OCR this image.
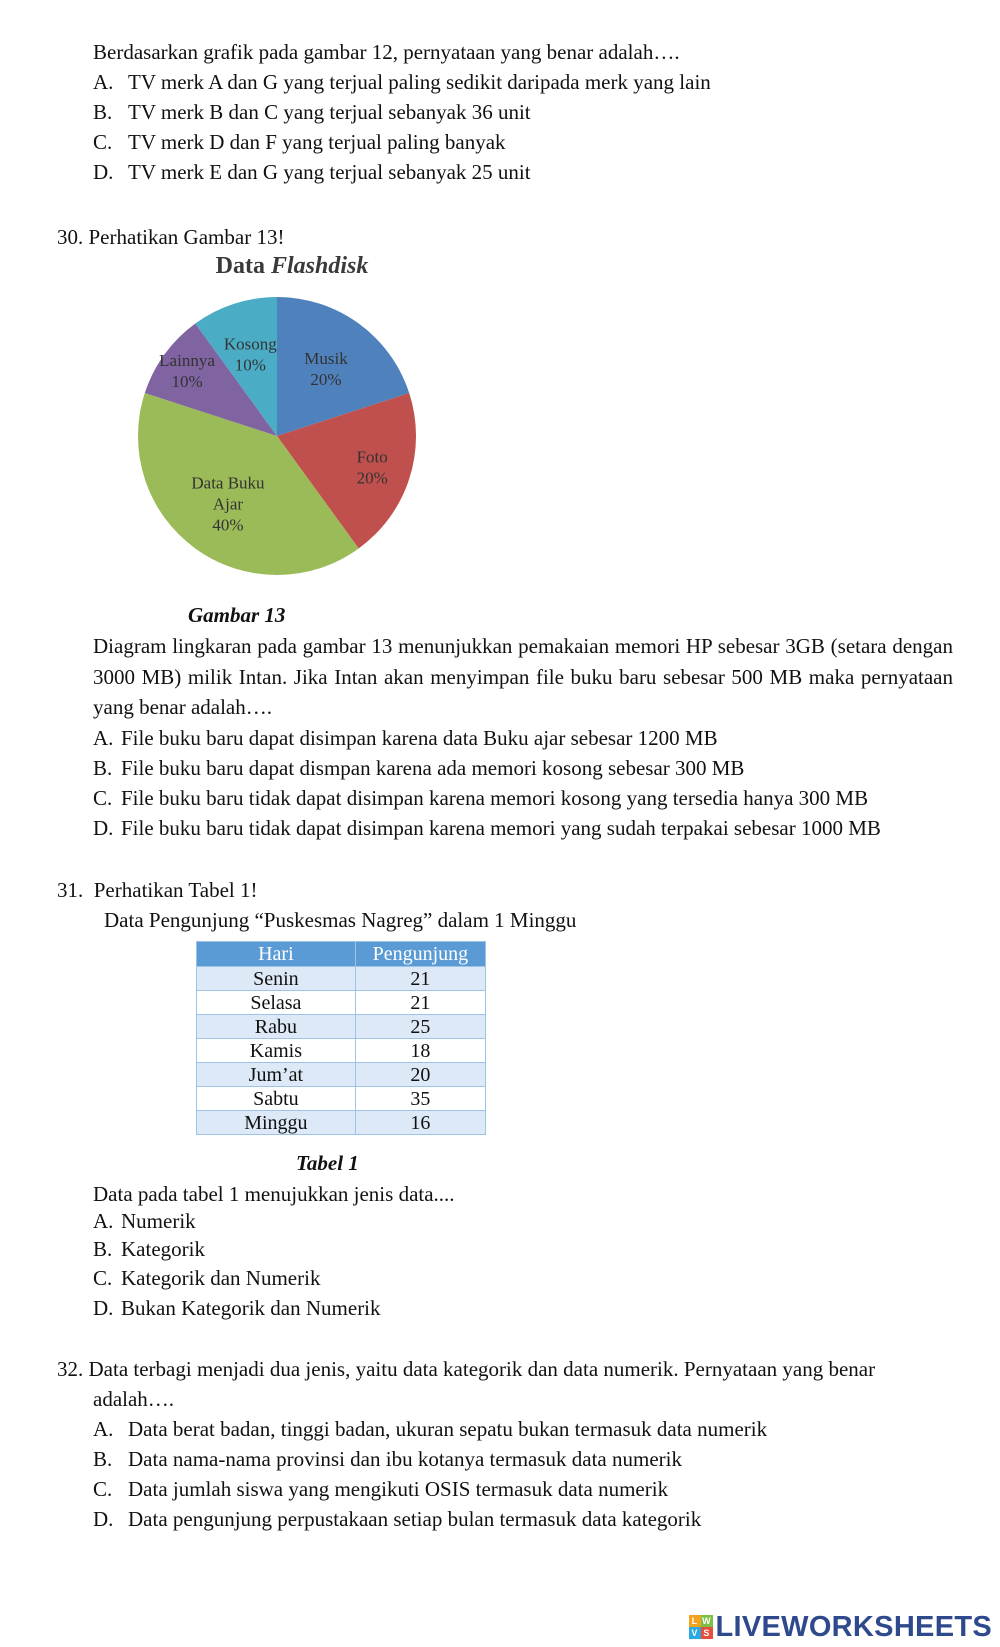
Berdasarkan grafik pada gambar 12, pernyataan yang benar adalah….
A. TV merk A dan G yang terjual paling sedikit daripada merk yang lain
B. TV merk B dan C yang terjual sebanyak 36 unit
C. TV merk D dan F yang terjual paling banyak
D. TV merk E dan G yang terjual sebanyak 25 unit
30. Perhatikan Gambar 13!
Data Flashdisk
Musik 20%
Foto 20%
Data Buku Ajar 40%
Lainnya 10%
Kosong 10%
Gambar 13
Diagram lingkaran pada gambar 13 menunjukkan pemakaian memori HP sebesar 3GB (setara dengan 3000 MB) milik Intan. Jika Intan akan menyimpan file buku baru sebesar 500 MB maka pernyataan yang benar adalah….
A. File buku baru dapat disimpan karena data Buku ajar sebesar 1200 MB
B. File buku baru dapat dismpan karena ada memori kosong sebesar 300 MB
C. File buku baru tidak dapat disimpan karena memori kosong yang tersedia hanya 300 MB
D. File buku baru tidak dapat disimpan karena memori yang sudah terpakai sebesar 1000 MB
31. Perhatikan Tabel 1!
Data Pengunjung “Puskesmas Nagreg” dalam 1 Minggu
Hari	Pengunjung
Senin	21
Selasa	21
Rabu	25
Kamis	18
Jum’at	20
Sabtu	35
Minggu	16
Tabel 1
Data pada tabel 1 menujukkan jenis data....
A. Numerik
B. Kategorik
C. Kategorik dan Numerik
D. Bukan Kategorik dan Numerik
32. Data terbagi menjadi dua jenis, yaitu data kategorik dan data numerik. Pernyataan yang benar
adalah….
A. Data berat badan, tinggi badan, ukuran sepatu bukan termasuk data numerik
B. Data nama-nama provinsi dan ibu kotanya termasuk data numerik
C. Data jumlah siswa yang mengikuti OSIS termasuk data numerik
D. Data pengunjung perpustakaan setiap bulan termasuk data kategorik
L W
V S LIVEWORKSHEETS
